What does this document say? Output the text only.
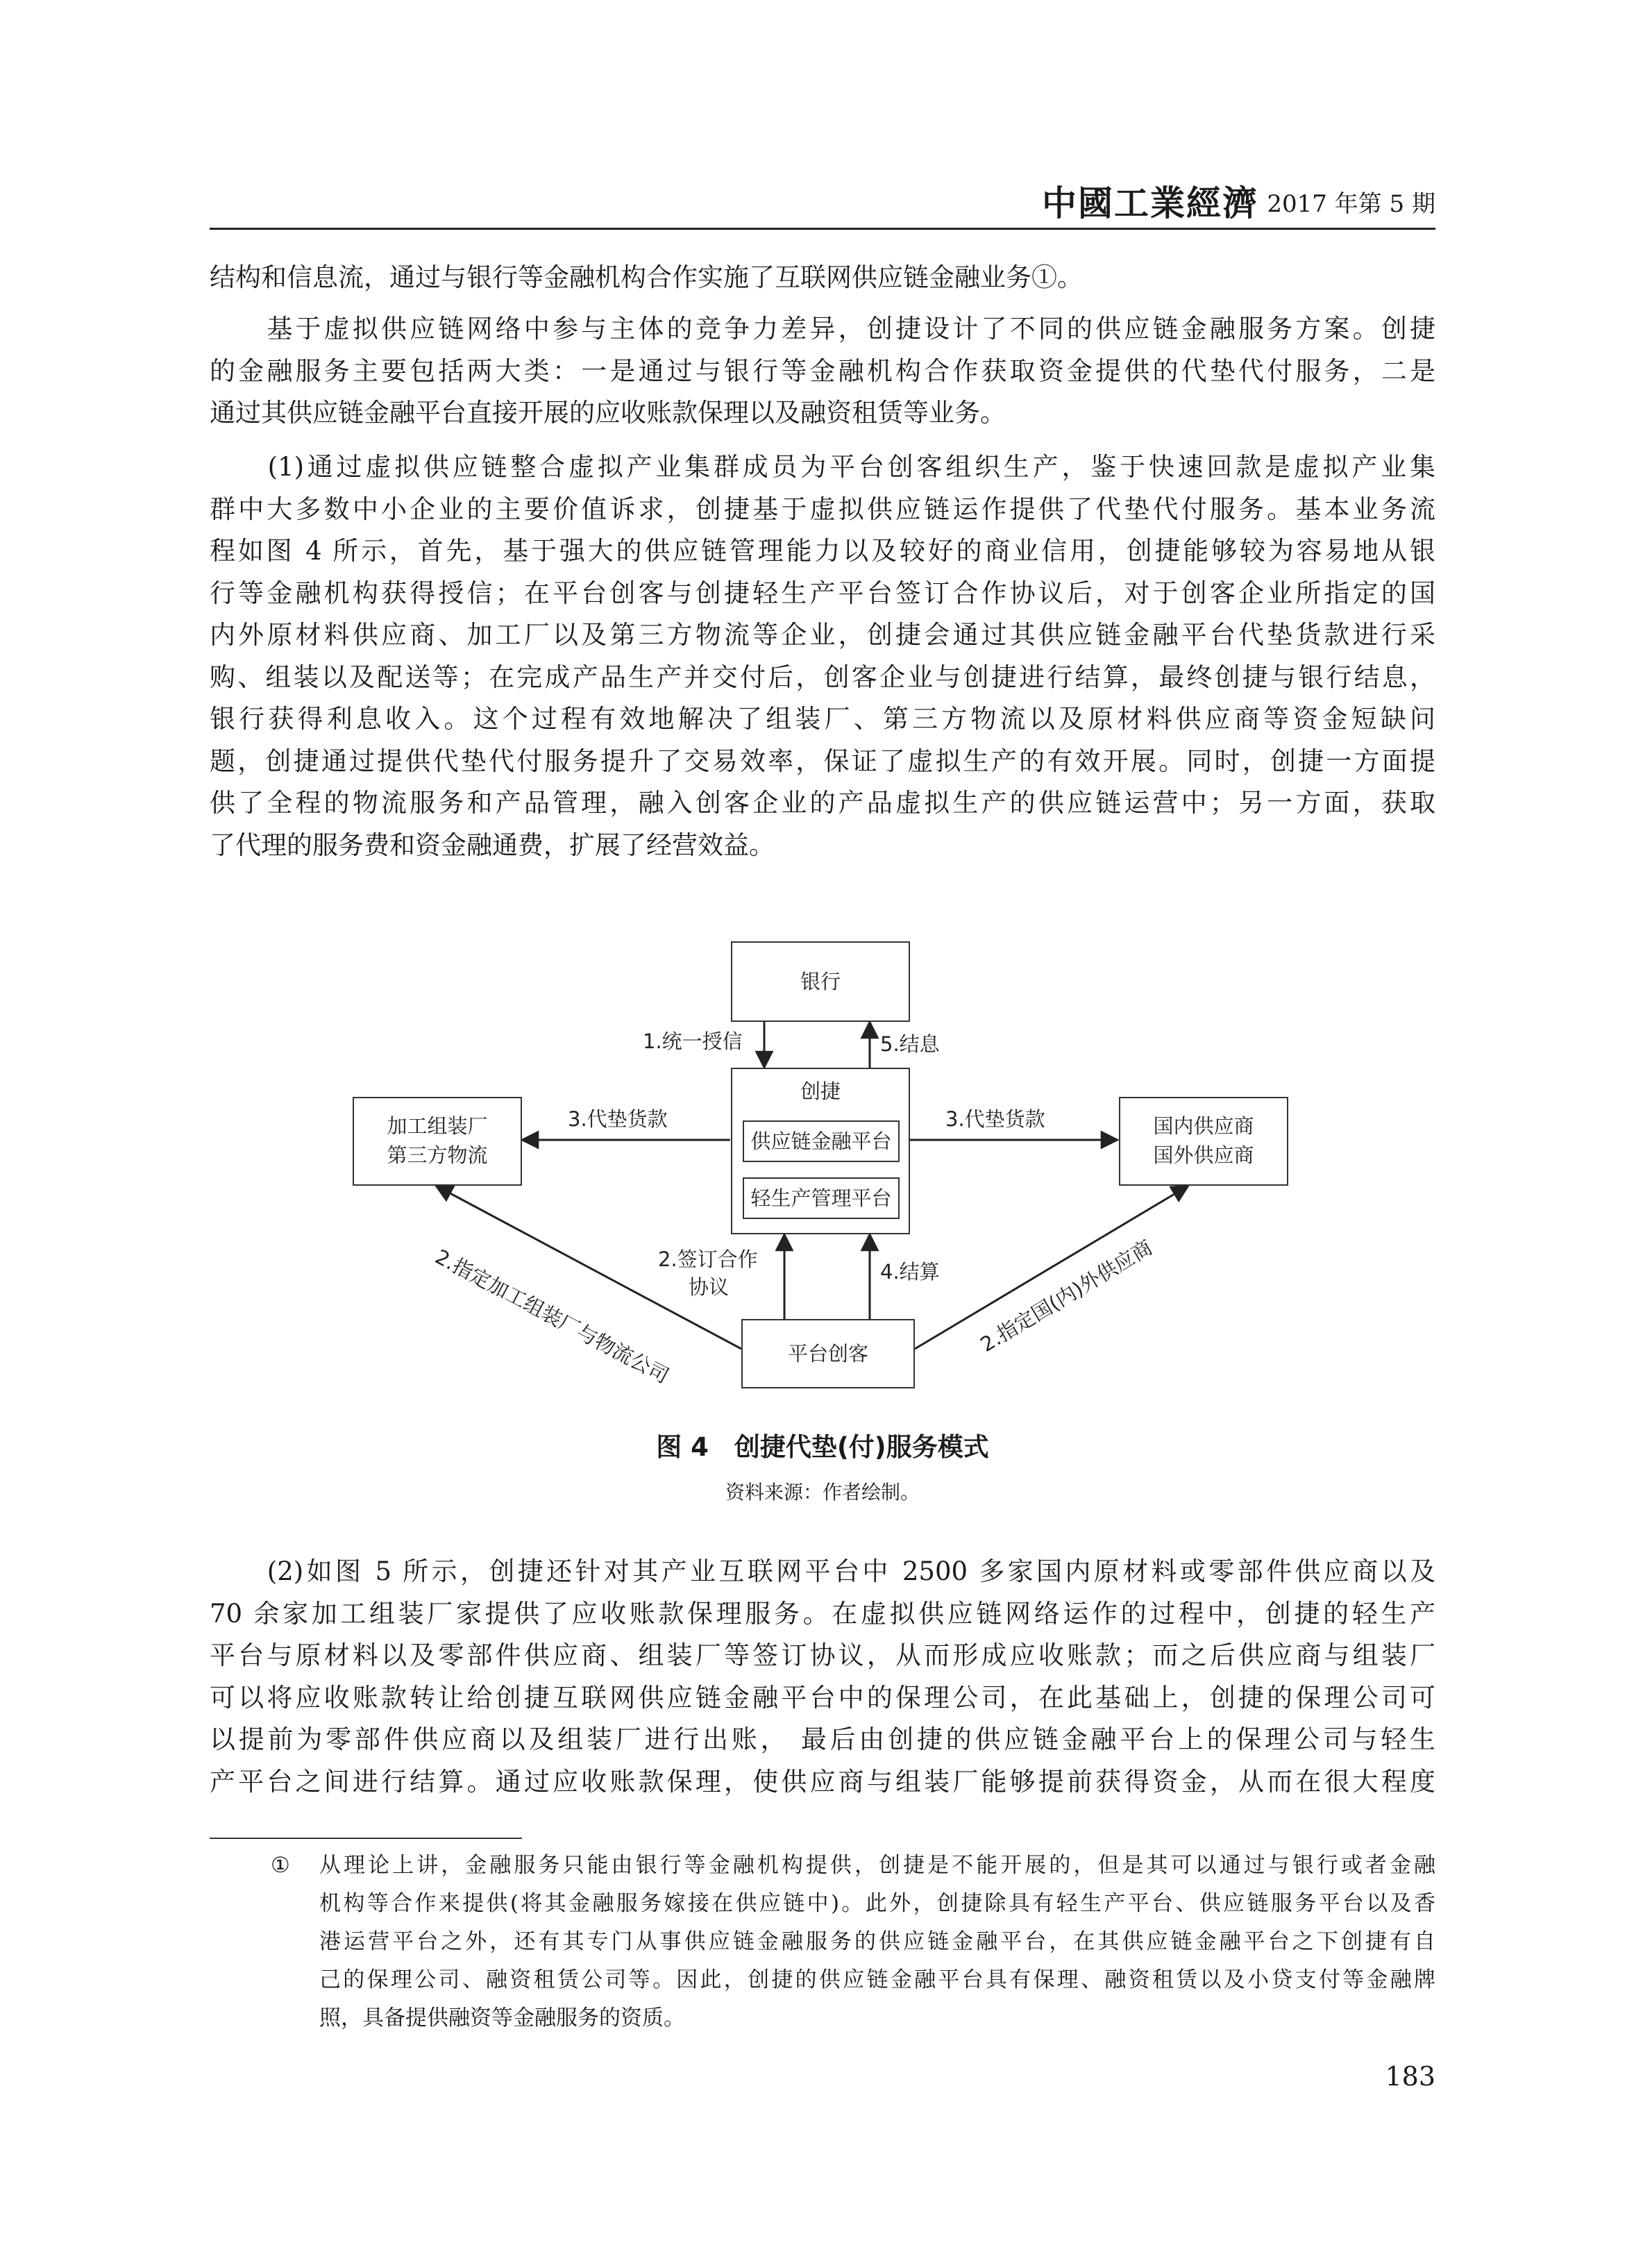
中國工業經濟 2017 年第 5 期
结构和信息流，通过与银行等金融机构合作实施了互联网供应链金融业务①。
　　基于虚拟供应链网络中参与主体的竞争力差异，创捷设计了不同的供应链金融服务方案。创捷
的金融服务主要包括两大类：一是通过与银行等金融机构合作获取资金提供的代垫代付服务，二是
通过其供应链金融平台直接开展的应收账款保理以及融资租赁等业务。
　　(1)通过虚拟供应链整合虚拟产业集群成员为平台创客组织生产，鉴于快速回款是虚拟产业集
群中大多数中小企业的主要价值诉求，创捷基于虚拟供应链运作提供了代垫代付服务。基本业务流
程如图 4 所示，首先，基于强大的供应链管理能力以及较好的商业信用，创捷能够较为容易地从银
行等金融机构获得授信；在平台创客与创捷轻生产平台签订合作协议后，对于创客企业所指定的国
内外原材料供应商、加工厂以及第三方物流等企业，创捷会通过其供应链金融平台代垫货款进行采
购、组装以及配送等；在完成产品生产并交付后，创客企业与创捷进行结算，最终创捷与银行结息，
银行获得利息收入。这个过程有效地解决了组装厂、第三方物流以及原材料供应商等资金短缺问
题，创捷通过提供代垫代付服务提升了交易效率，保证了虚拟生产的有效开展。同时，创捷一方面提
供了全程的物流服务和产品管理，融入创客企业的产品虚拟生产的供应链运营中；另一方面，获取
了代理的服务费和资金融通费，扩展了经营效益。
银行
创捷
供应链金融平台
轻生产管理平台
加工组装厂
第三方物流
国内供应商
国外供应商
平台创客
1.统一授信	5.结息
3.代垫货款	3.代垫货款
2.签订合作
协议
4.结算
2.指定加工组装厂与物流公司	2.指定国(内)外供应商
图 4　创捷代垫(付)服务模式
资料来源：作者绘制。
　　(2)如图 5 所示，创捷还针对其产业互联网平台中 2500 多家国内原材料或零部件供应商以及
70 余家加工组装厂家提供了应收账款保理服务。在虚拟供应链网络运作的过程中，创捷的轻生产
平台与原材料以及零部件供应商、组装厂等签订协议，从而形成应收账款；而之后供应商与组装厂
可以将应收账款转让给创捷互联网供应链金融平台中的保理公司，在此基础上，创捷的保理公司可
以提前为零部件供应商以及组装厂进行出账， 最后由创捷的供应链金融平台上的保理公司与轻生
产平台之间进行结算。通过应收账款保理，使供应商与组装厂能够提前获得资金，从而在很大程度
① 从理论上讲，金融服务只能由银行等金融机构提供，创捷是不能开展的，但是其可以通过与银行或者金融
机构等合作来提供(将其金融服务嫁接在供应链中)。此外，创捷除具有轻生产平台、供应链服务平台以及香
港运营平台之外，还有其专门从事供应链金融服务的供应链金融平台，在其供应链金融平台之下创捷有自
己的保理公司、融资租赁公司等。因此，创捷的供应链金融平台具有保理、融资租赁以及小贷支付等金融牌
照，具备提供融资等金融服务的资质。
183
